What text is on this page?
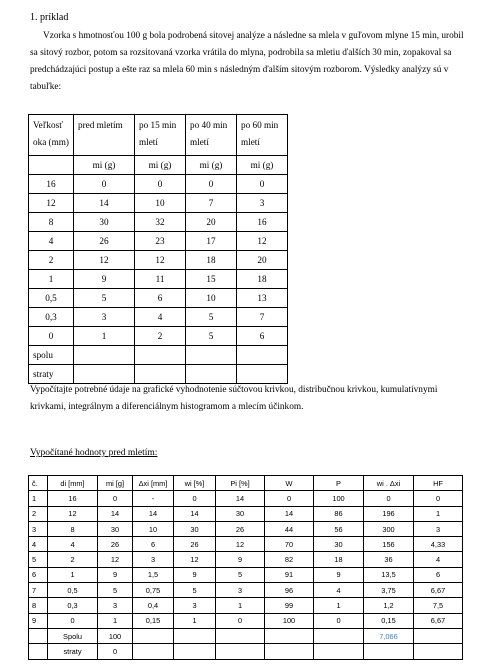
1. príklad

Vzorka s hmotnosťou 100 g bola podrobená sitovej analýze a následne sa mlela v guľovom mlyne 15 min, urobil sa sitový rozbor, potom sa rozsitovaná vzorka vrátila do mlyna, podrobila sa mletiu ďalších 30 min, zopakoval sa predchádzajúci postup a ešte raz sa mlela 60 min s následným ďalším sitovým rozborom. Výsledky analýzy sú v tabuľke:

Veľkosť oka (mm)	pred mletím	po 15 min mletí	po 40 min mletí	po 60 min mletí
	mi (g)	mi (g)	mi (g)	mi (g)
16	0	0	0	0
12	14	10	7	3
8	30	32	20	16
4	26	23	17	12
2	12	12	18	20
1	9	11	15	18
0,5	5	6	10	13
0,3	3	4	5	7
0	1	2	5	6
spolu				
straty				

Vypočítajte potrebné údaje na grafické vyhodnotenie súčtovou krivkou, distribučnou krivkou, kumulatívnymi krivkami, integrálnym a diferenciálnym histogramom a mlecím účinkom.

Vypočítané hodnoty pred mletím:
č.	di [mm]	mi [g]	Δxi [mm]	wi [%]	Pi [%]	W	P	wi . Δxi	HF
1	16	0	-	0	14	0	100	0	0
2	12	14	14	14	30	14	86	196	1
3	8	30	10	30	26	44	56	300	3
4	4	26	6	26	12	70	30	156	4,33
5	2	12	3	12	9	82	18	36	4
6	1	9	1,5	9	5	91	9	13,5	6
7	0,5	5	0,75	5	3	96	4	3,75	6,67
8	0,3	3	0,4	3	1	99	1	1,2	7,5
9	0	1	0,15	1	0	100	0	0,15	6,67
	Spolu	100						7,066	
	straty	0							
